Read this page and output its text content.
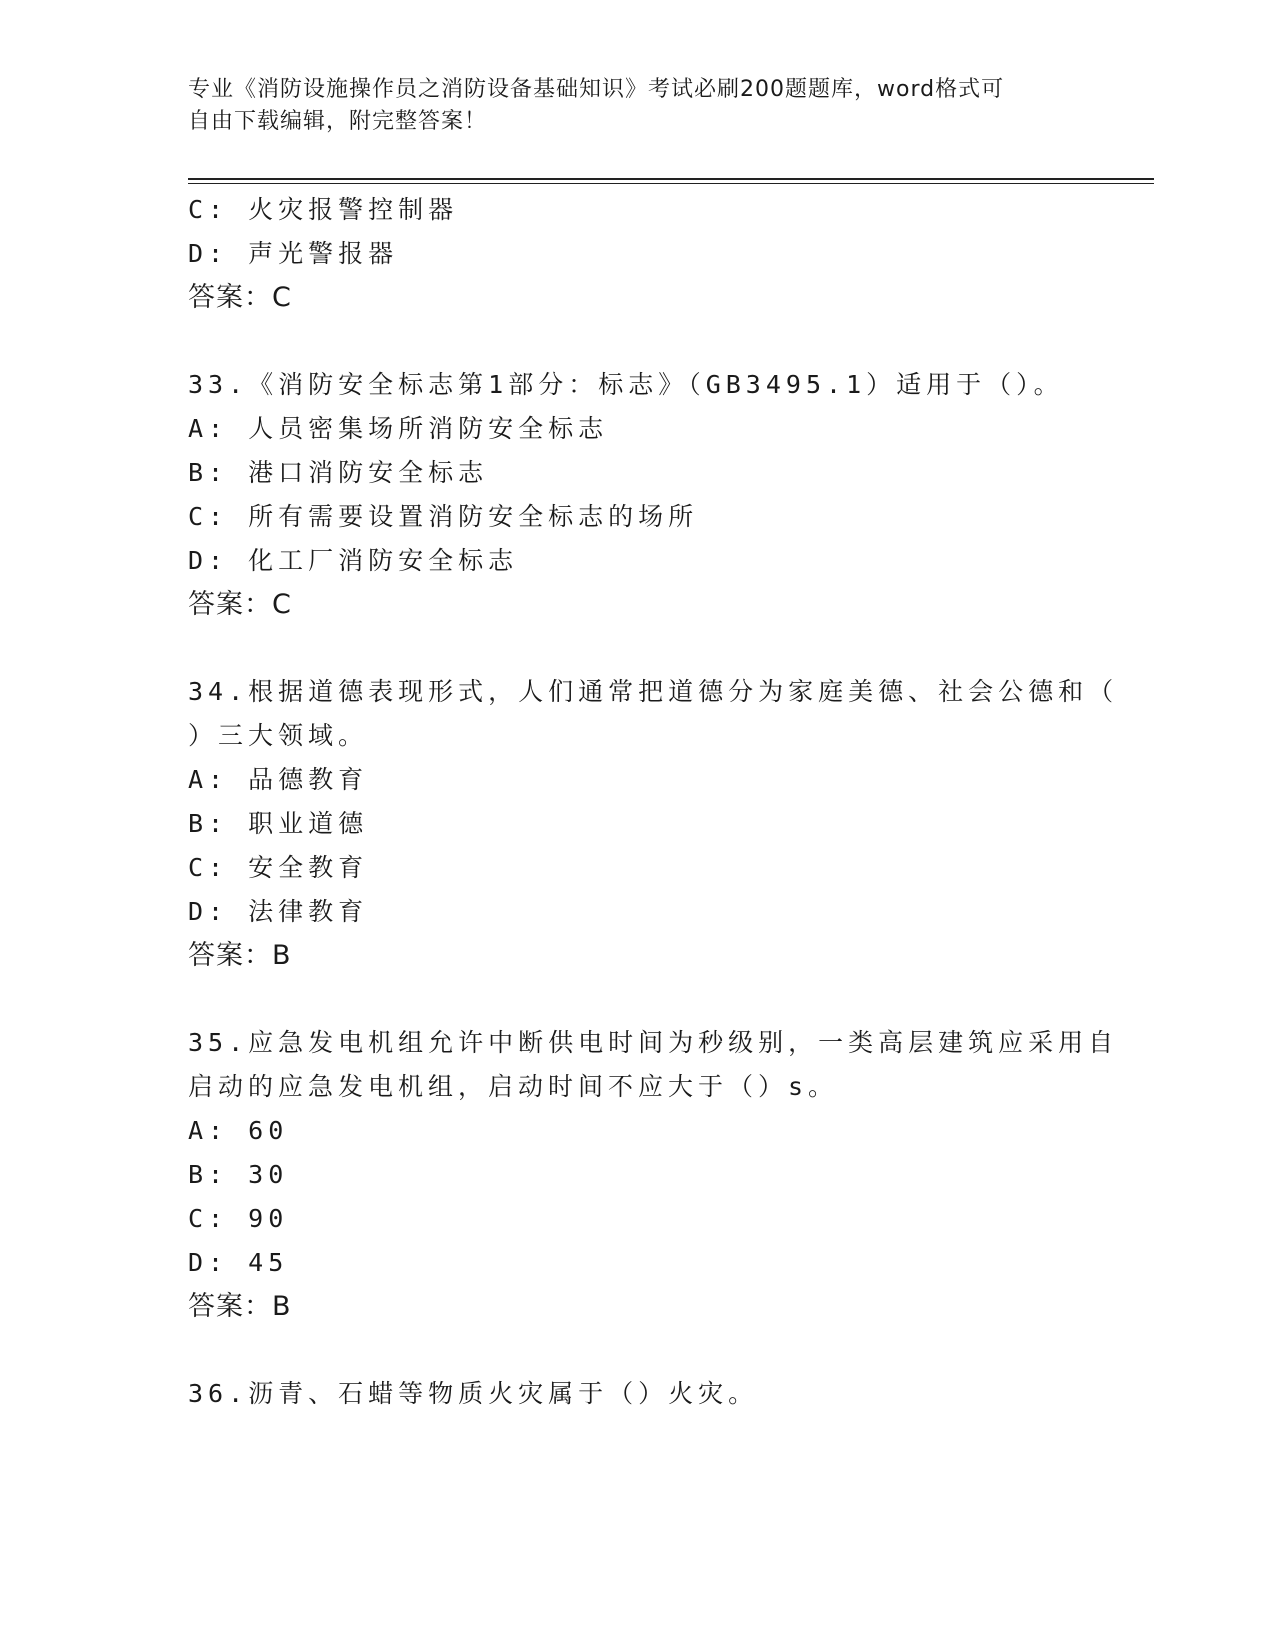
专业《消防设施操作员之消防设备基础知识》考试必刷200题题库，word格式可
自由下载编辑，附完整答案！
C: 火灾报警控制器
D: 声光警报器
答案：C
33.《消防安全标志第1部分：标志》（GB3495.1）适用于（）。
A: 人员密集场所消防安全标志
B: 港口消防安全标志
C: 所有需要设置消防安全标志的场所
D: 化工厂消防安全标志
答案：C
34.根据道德表现形式，人们通常把道德分为家庭美德、社会公德和（
）三大领域。
A: 品德教育
B: 职业道德
C: 安全教育
D: 法律教育
答案：B
35.应急发电机组允许中断供电时间为秒级别，一类高层建筑应采用自
启动的应急发电机组，启动时间不应大于（）s。
A: 60
B: 30
C: 90
D: 45
答案：B
36.沥青、石蜡等物质火灾属于（）火灾。
